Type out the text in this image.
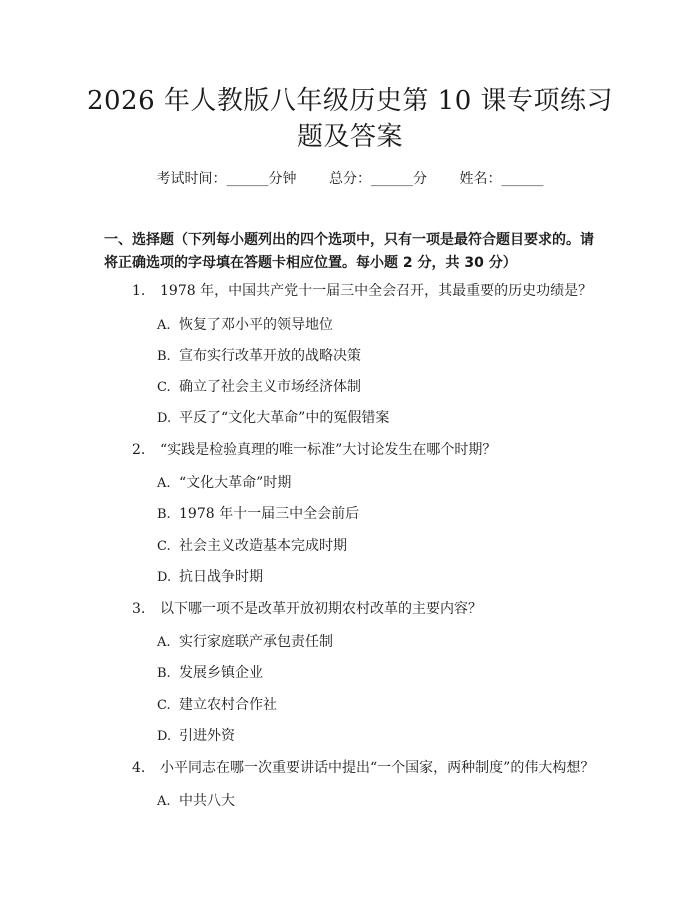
2026 年人教版八年级历史第 10 课专项练习
题及答案
考试时间：______分钟 总分：______分 姓名：______
一、选择题（下列每小题列出的四个选项中，只有一项是最符合题目要求的。请
将正确选项的字母填在答题卡相应位置。每小题 2 分，共 30 分）
1. 1978 年，中国共产党十一届三中全会召开，其最重要的历史功绩是？
A. 恢复了邓小平的领导地位
B. 宣布实行改革开放的战略决策
C. 确立了社会主义市场经济体制
D. 平反了“文化大革命”中的冤假错案
2. “实践是检验真理的唯一标准”大讨论发生在哪个时期？
A. “文化大革命”时期
B. 1978 年十一届三中全会前后
C. 社会主义改造基本完成时期
D. 抗日战争时期
3. 以下哪一项不是改革开放初期农村改革的主要内容？
A. 实行家庭联产承包责任制
B. 发展乡镇企业
C. 建立农村合作社
D. 引进外资
4. 小平同志在哪一次重要讲话中提出“一个国家，两种制度”的伟大构想？
A. 中共八大
